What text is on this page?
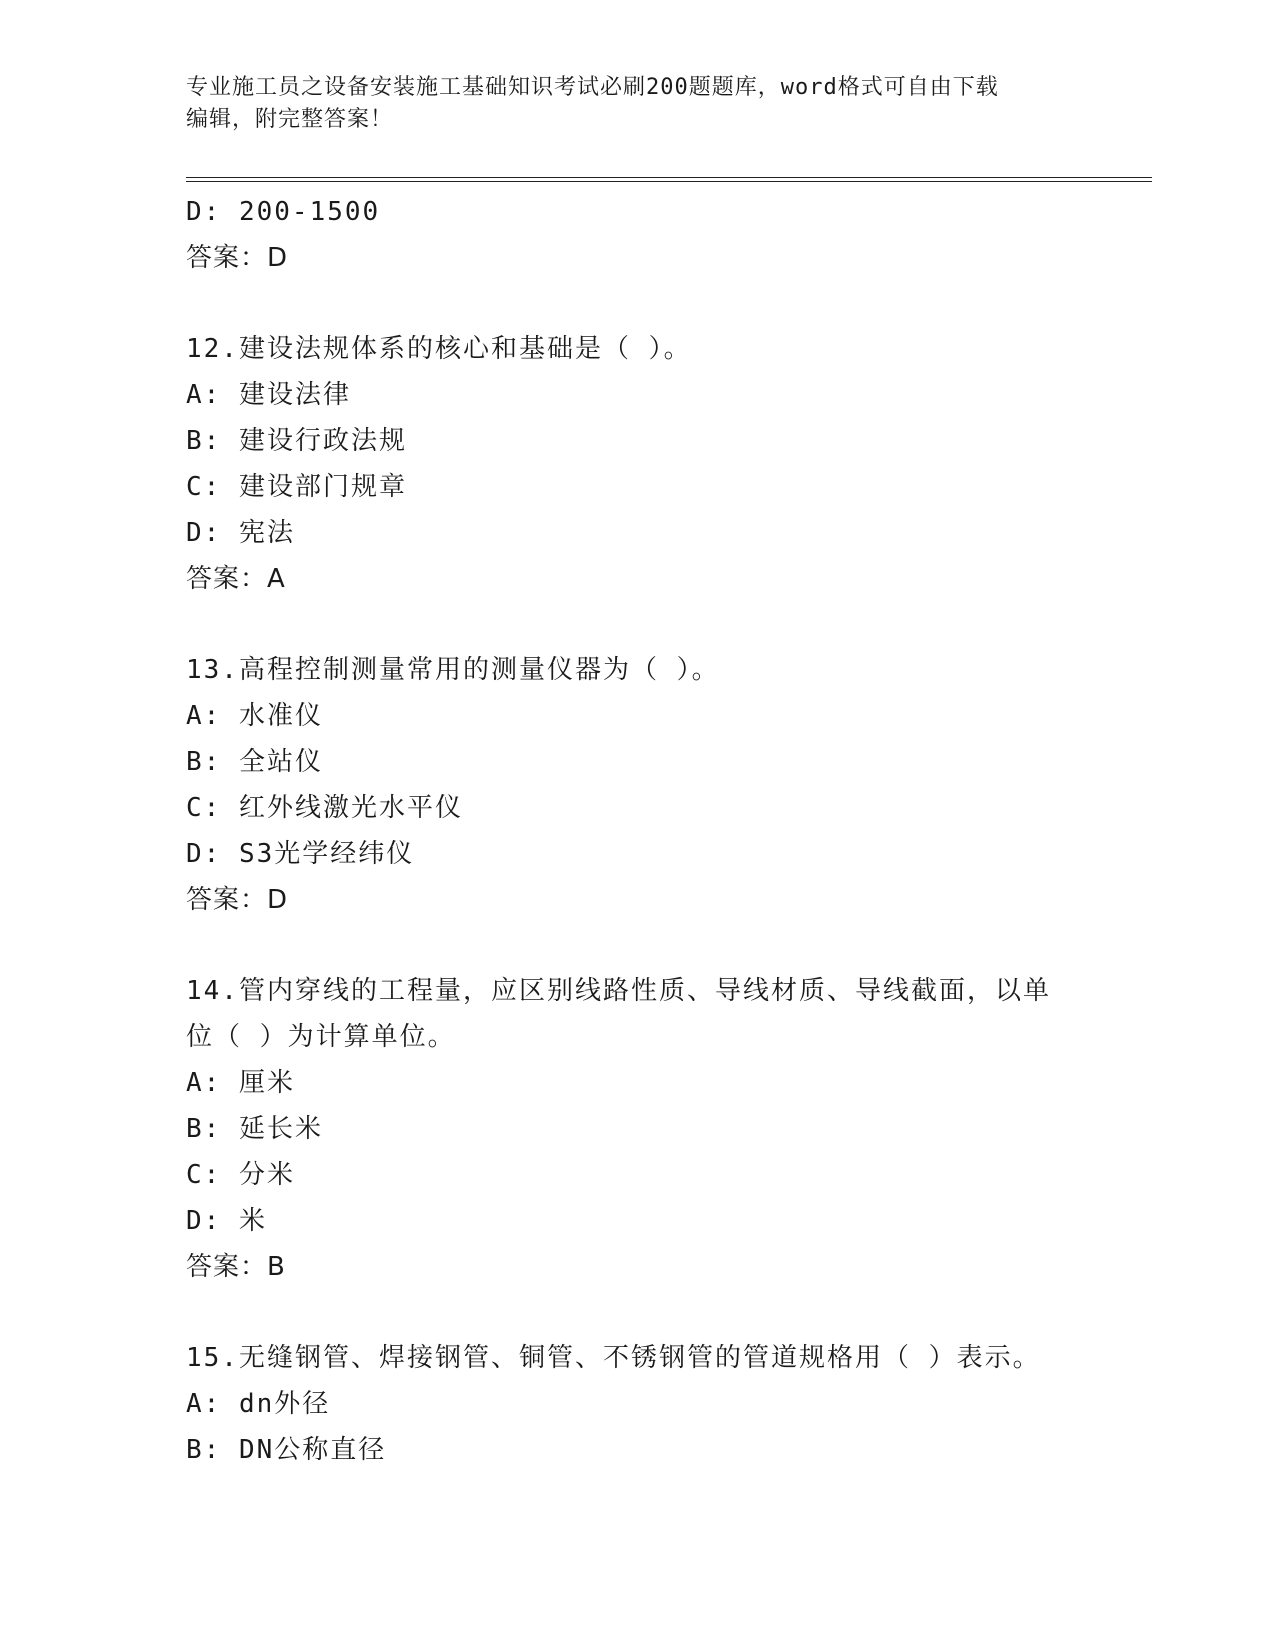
专业施工员之设备安装施工基础知识考试必刷200题题库，word格式可自由下载
编辑，附完整答案！
D: 200-1500
答案：D
12.建设法规体系的核心和基础是（ ）。
A: 建设法律
B: 建设行政法规
C: 建设部门规章
D: 宪法
答案：A
13.高程控制测量常用的测量仪器为（ ）。
A: 水准仪
B: 全站仪
C: 红外线激光水平仪
D: S3光学经纬仪
答案：D
14.管内穿线的工程量，应区别线路性质、导线材质、导线截面，以单
位（ ）为计算单位。
A: 厘米
B: 延长米
C: 分米
D: 米
答案：B
15.无缝钢管、焊接钢管、铜管、不锈钢管的管道规格用（ ）表示。
A: dn外径
B: DN公称直径
